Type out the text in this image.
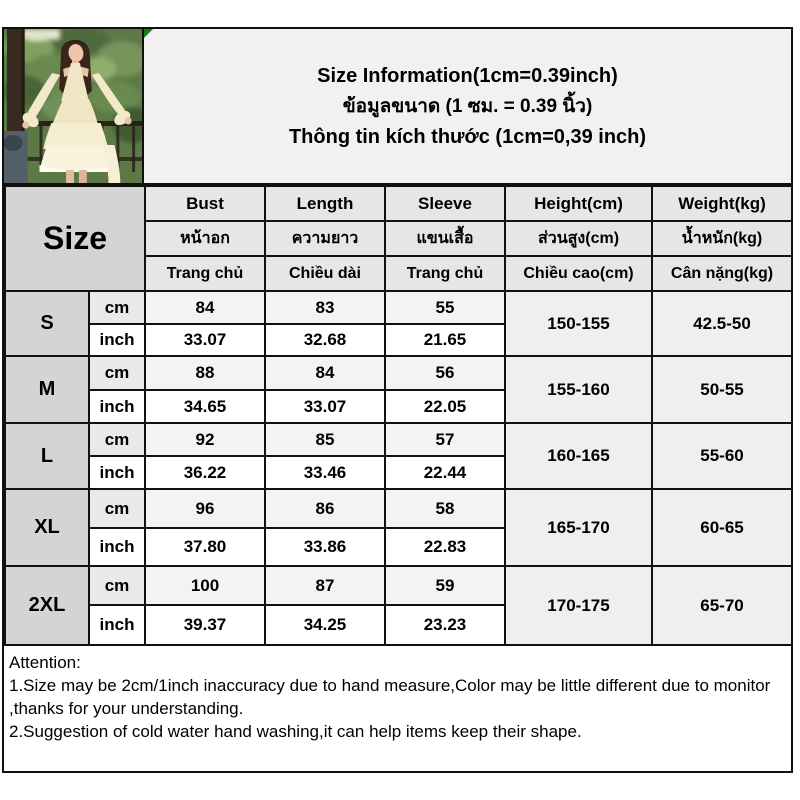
Size Information(1cm=0.39inch)
ข้อมูลขนาด (1 ซม. = 0.39 นิ้ว)
Thông tin kích thước (1cm=0,39 inch)
Size		Bust	Length	Sleeve	Height(cm)	Weight(kg)
		หน้าอก	ความยาว	แขนเสื้อ	ส่วนสูง(cm)	น้ำหนัก(kg)
		Trang chủ	Chiều dài	Trang chủ	Chiều cao(cm)	Cân nặng(kg)
S	cm	84	83	55	150-155	42.5-50
	inch	33.07	32.68	21.65		
M	cm	88	84	56	155-160	50-55
	inch	34.65	33.07	22.05		
L	cm	92	85	57	160-165	55-60
	inch	36.22	33.46	22.44		
XL	cm	96	86	58	165-170	60-65
	inch	37.80	33.86	22.83		
2XL	cm	100	87	59	170-175	65-70
	inch	39.37	34.25	23.23		
Attention:
1.Size may be 2cm/1inch inaccuracy due to hand measure,Color may be little different due to monitor
,thanks for your understanding.
2.Suggestion of cold water hand washing,it can help items keep their shape.
